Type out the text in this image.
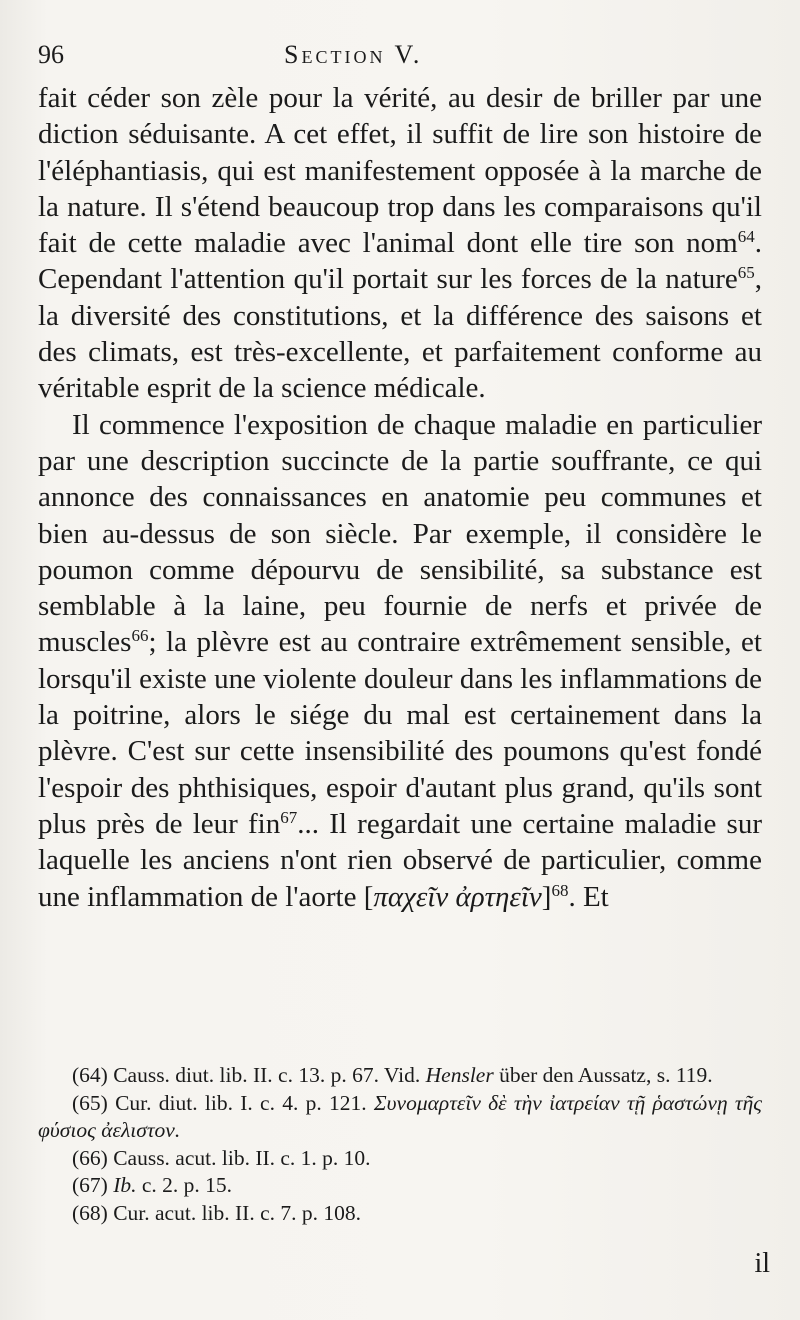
96	Section V.

fait céder son zèle pour la vérité, au desir de briller par une diction séduisante. A cet effet, il suffit de lire son histoire de l'éléphantiasis, qui est manifestement opposée à la marche de la nature. Il s'étend beaucoup trop dans les comparaisons qu'il fait de cette maladie avec l'animal dont elle tire son nom$^{64}$. Cependant l'attention qu'il portait sur les forces de la nature$^{65}$, la diversité des constitutions, et la différence des saisons et des climats, est très-excellente, et parfaitement conforme au véritable esprit de la science médicale.

Il commence l'exposition de chaque maladie en particulier par une description succincte de la partie souffrante, ce qui annonce des connaissances en anatomie peu communes et bien au-dessus de son siècle. Par exemple, il considère le poumon comme dépourvu de sensibilité, sa substance est semblable à la laine, peu fournie de nerfs et privée de muscles$^{66}$; la plèvre est au contraire extrêmement sensible, et lorsqu'il existe une violente douleur dans les inflammations de la poitrine, alors le siége du mal est certainement dans la plèvre. C'est sur cette insensibilité des poumons qu'est fondé l'espoir des phthisiques, espoir d'autant plus grand, qu'ils sont plus près de leur fin$^{67}$... Il regardait une certaine maladie sur laquelle les anciens n'ont rien observé de particulier, comme une inflammation de l'aorte [παχεῖν ἀρτηεῖν]$^{68}$. Et

(64) Causs. diut. lib. II. c. 13. p. 67. Vid. Hensler über den Aussatz, s. 119.

(65) Cur. diut. lib. I. c. 4. p. 121. Συνομαρτεῖν δὲ τὴν ἰατρείαν τῇ ῥαστώνῃ τῆς φύσιος ἀελιστον.

(66) Causs. acut. lib. II. c. 1. p. 10.

(67) Ib. c. 2. p. 15.

(68) Cur. acut. lib. II. c. 7. p. 108.

il
